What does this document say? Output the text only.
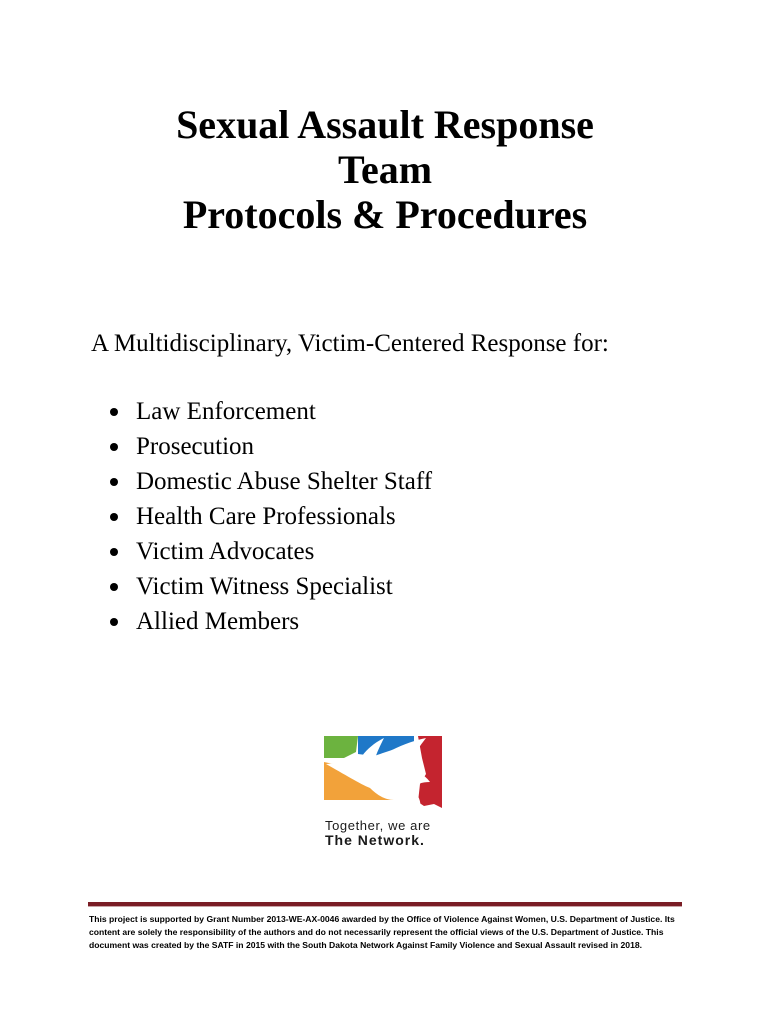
Sexual Assault Response
Team
Protocols & Procedures

A Multidisciplinary, Victim-Centered Response for:

Law Enforcement
Prosecution
Domestic Abuse Shelter Staff
Health Care Professionals
Victim Advocates
Victim Witness Specialist
Allied Members
Together, we are
The Network.

This project is supported by Grant Number 2013-WE-AX-0046 awarded by the Office of Violence Against Women, U.S. Department of Justice. Its content are solely the responsibility of the authors and do not necessarily represent the official views of the U.S. Department of Justice. This document was created by the SATF in 2015 with the South Dakota Network Against Family Violence and Sexual Assault revised in 2018.
